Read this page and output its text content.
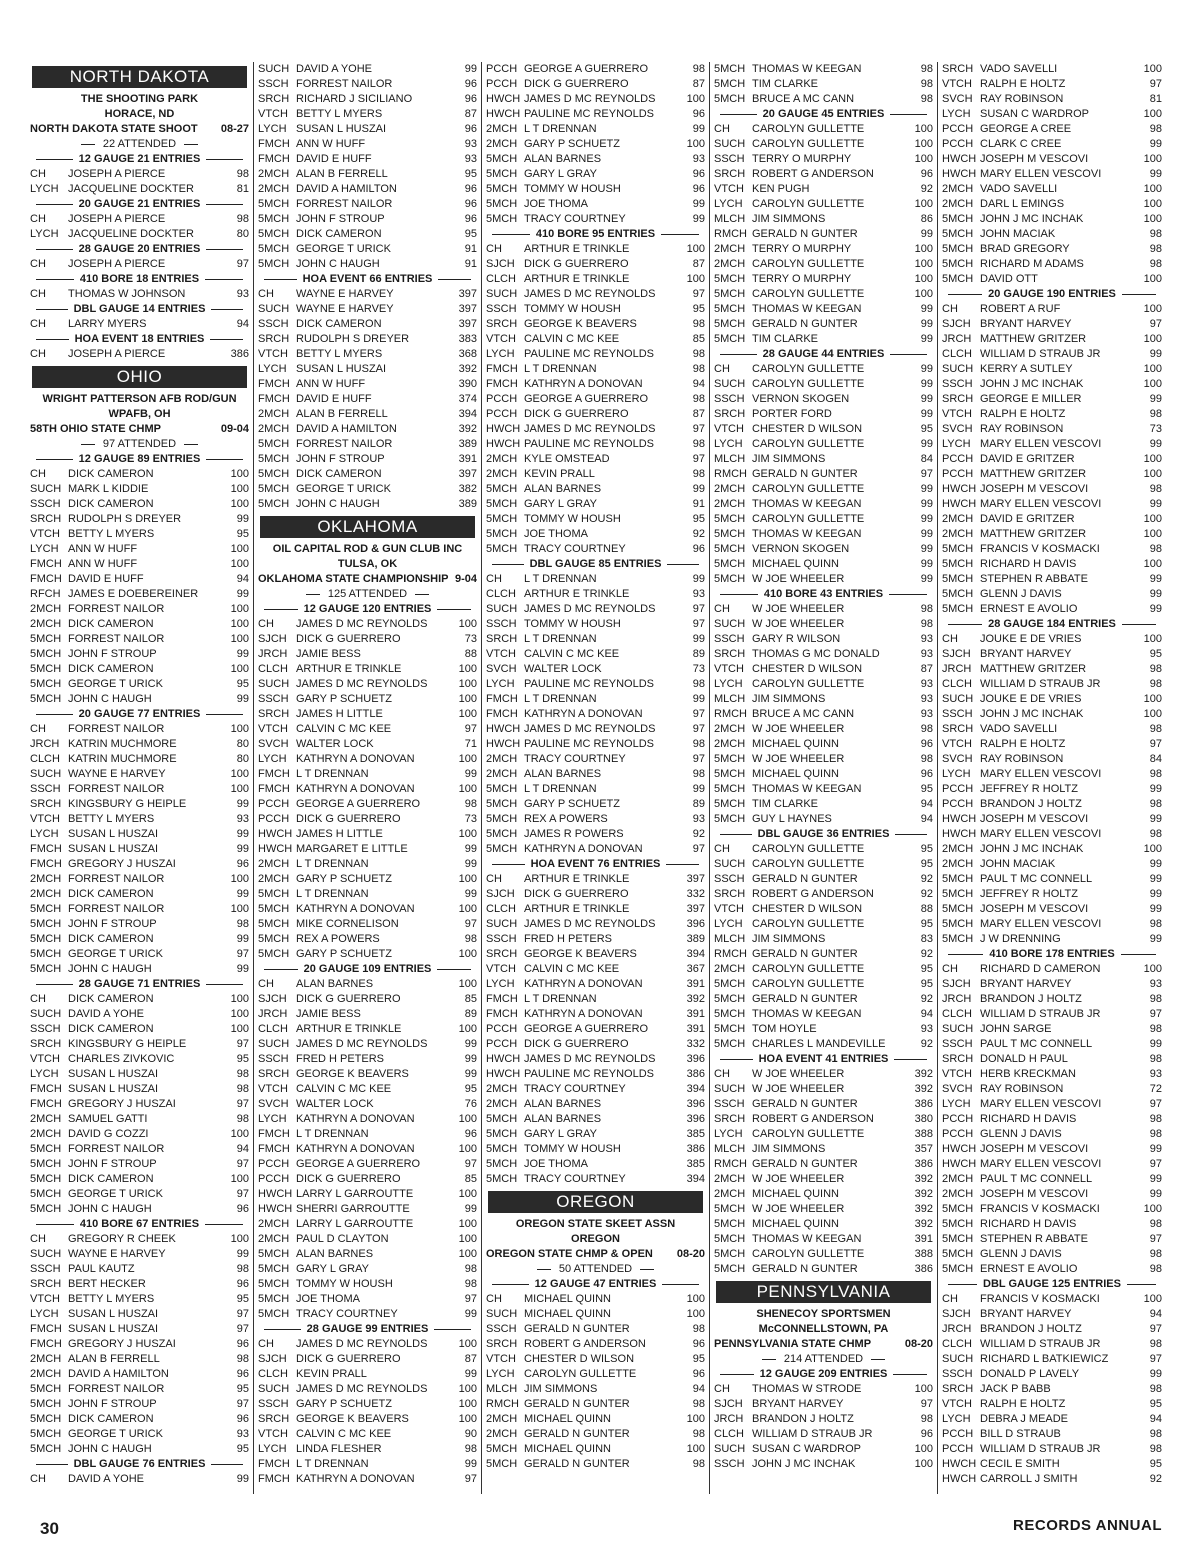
NORTH DAKOTA
THE SHOOTING PARK
HORACE, ND
NORTH DAKOTA STATE SHOOT 08-27
22 ATTENDED
12 GAUGE 21 ENTRIES
CH	JOSEPH A PIERCE	98
LYCH JACQUELINE DOCKTER	81
20 GAUGE 21 ENTRIES
CH	JOSEPH A PIERCE	98
LYCH JACQUELINE DOCKTER	80
28 GAUGE 20 ENTRIES
CH	JOSEPH A PIERCE	97
410 BORE 18 ENTRIES
CH	THOMAS W JOHNSON	93
DBL GAUGE 14 ENTRIES
CH	LARRY MYERS	94
HOA EVENT 18 ENTRIES
CH	JOSEPH A PIERCE	386
OHIO
WRIGHT PATTERSON AFB ROD/GUN
WPAFB, OH
58TH OHIO STATE CHMP	09-04
97 ATTENDED
12 GAUGE 89 ENTRIES
CH	DICK CAMERON	100
SUCH MARK L KIDDIE	100
SSCH DICK CAMERON	100
SRCH RUDOLPH S DREYER	99
VTCH BETTY L MYERS	95
LYCH ANN W HUFF	100
FMCH ANN W HUFF	100
FMCH DAVID E HUFF	94
RFCH JAMES E DOEBEREINER	99
2MCH FORREST NAILOR	100
2MCH DICK CAMERON	100
5MCH FORREST NAILOR	100
5MCH JOHN F STROUP	99
5MCH DICK CAMERON	100
5MCH GEORGE T URICK	95
5MCH JOHN C HAUGH	99
20 GAUGE 77 ENTRIES
CH	FORREST NAILOR	100
JRCH KATRIN MUCHMORE	80
CLCH KATRIN MUCHMORE	80
SUCH WAYNE E HARVEY	100
SSCH FORREST NAILOR	100
SRCH KINGSBURY G HEIPLE	99
VTCH BETTY L MYERS	93
LYCH SUSAN L HUSZAI	99
FMCH SUSAN L HUSZAI	99
FMCH GREGORY J HUSZAI	96
2MCH FORREST NAILOR	100
2MCH DICK CAMERON	99
5MCH FORREST NAILOR	100
5MCH JOHN F STROUP	98
5MCH DICK CAMERON	99
5MCH GEORGE T URICK	97
5MCH JOHN C HAUGH	99
28 GAUGE 71 ENTRIES
CH	DICK CAMERON	100
SUCH DAVID A YOHE	100
SSCH DICK CAMERON	100
SRCH KINGSBURY G HEIPLE	97
VTCH CHARLES ZIVKOVIC	95
LYCH SUSAN L HUSZAI	98
FMCH SUSAN L HUSZAI	98
FMCH GREGORY J HUSZAI	97
2MCH SAMUEL GATTI	98
2MCH DAVID G COZZI	100
5MCH FORREST NAILOR	94
5MCH JOHN F STROUP	97
5MCH DICK CAMERON	100
5MCH GEORGE T URICK	97
5MCH JOHN C HAUGH	96
410 BORE 67 ENTRIES
CH	GREGORY R CHEEK	100
SUCH WAYNE E HARVEY	99
SSCH PAUL KAUTZ	98
SRCH BERT HECKER	96
VTCH BETTY L MYERS	95
LYCH SUSAN L HUSZAI	97
FMCH SUSAN L HUSZAI	97
FMCH GREGORY J HUSZAI	96
2MCH ALAN B FERRELL	98
2MCH DAVID A HAMILTON	96
5MCH FORREST NAILOR	95
5MCH JOHN F STROUP	97
5MCH DICK CAMERON	96
5MCH GEORGE T URICK	93
5MCH JOHN C HAUGH	95
DBL GAUGE 76 ENTRIES
CH	DAVID A YOHE	99
SUCH DAVID A YOHE	99
SSCH FORREST NAILOR	96
SRCH RICHARD J SICILIANO	96
VTCH BETTY L MYERS	87
LYCH SUSAN L HUSZAI	96
FMCH ANN W HUFF	93
FMCH DAVID E HUFF	93
2MCH ALAN B FERRELL	95
2MCH DAVID A HAMILTON	96
5MCH FORREST NAILOR	96
5MCH JOHN F STROUP	96
5MCH DICK CAMERON	95
5MCH GEORGE T URICK	91
5MCH JOHN C HAUGH	91
HOA EVENT 66 ENTRIES
CH	WAYNE E HARVEY	397
SUCH WAYNE E HARVEY	397
SSCH DICK CAMERON	397
SRCH RUDOLPH S DREYER	383
VTCH BETTY L MYERS	368
LYCH SUSAN L HUSZAI	392
FMCH ANN W HUFF	390
FMCH DAVID E HUFF	374
2MCH ALAN B FERRELL	394
2MCH DAVID A HAMILTON	392
5MCH FORREST NAILOR	389
5MCH JOHN F STROUP	391
5MCH DICK CAMERON	397
5MCH GEORGE T URICK	382
5MCH JOHN C HAUGH	389
OKLAHOMA
OIL CAPITAL ROD & GUN CLUB INC
TULSA, OK
OKLAHOMA STATE CHAMPIONSHIP 9-04
125 ATTENDED
12 GAUGE 120 ENTRIES
CH	JAMES D MC REYNOLDS	100
SJCH DICK G GUERRERO	73
JRCH JAMIE BESS	88
CLCH ARTHUR E TRINKLE	100
SUCH JAMES D MC REYNOLDS	100
SSCH GARY P SCHUETZ	100
SRCH JAMES H LITTLE	100
VTCH CALVIN C MC KEE	97
SVCH WALTER LOCK	71
LYCH KATHRYN A DONOVAN	100
FMCH L T DRENNAN	99
FMCH KATHRYN A DONOVAN	100
PCCH GEORGE A GUERRERO	98
PCCH DICK G GUERRERO	73
HWCH JAMES H LITTLE	100
HWCH MARGARET E LITTLE	99
2MCH L T DRENNAN	99
2MCH GARY P SCHUETZ	100
5MCH L T DRENNAN	99
5MCH KATHRYN A DONOVAN	100
5MCH MIKE CORNELISON	97
5MCH REX A POWERS	98
5MCH GARY P SCHUETZ	100
20 GAUGE 109 ENTRIES
CH	ALAN BARNES	100
SJCH DICK G GUERRERO	85
JRCH JAMIE BESS	89
CLCH ARTHUR E TRINKLE	100
SUCH JAMES D MC REYNOLDS	99
SSCH FRED H PETERS	99
SRCH GEORGE K BEAVERS	99
VTCH CALVIN C MC KEE	95
SVCH WALTER LOCK	76
LYCH KATHRYN A DONOVAN	100
FMCH L T DRENNAN	96
FMCH KATHRYN A DONOVAN	100
PCCH GEORGE A GUERRERO	97
PCCH DICK G GUERRERO	85
HWCH LARRY L GARROUTTE	100
HWCH SHERRI GARROUTTE	99
2MCH LARRY L GARROUTTE	100
2MCH PAUL D CLAYTON	100
5MCH ALAN BARNES	100
5MCH GARY L GRAY	98
5MCH TOMMY W HOUSH	98
5MCH JOE THOMA	97
5MCH TRACY COURTNEY	99
28 GAUGE 99 ENTRIES
CH	JAMES D MC REYNOLDS	100
SJCH DICK G GUERRERO	87
CLCH KEVIN PRALL	99
SUCH JAMES D MC REYNOLDS	100
SSCH GARY P SCHUETZ	100
SRCH GEORGE K BEAVERS	100
VTCH CALVIN C MC KEE	90
LYCH LINDA FLESHER	98
FMCH L T DRENNAN	99
FMCH KATHRYN A DONOVAN	97
PCCH GEORGE A GUERRERO	98
PCCH DICK G GUERRERO	87
HWCH JAMES D MC REYNOLDS	100
HWCH PAULINE MC REYNOLDS	96
2MCH L T DRENNAN	99
2MCH GARY P SCHUETZ	100
5MCH ALAN BARNES	93
5MCH GARY L GRAY	96
5MCH TOMMY W HOUSH	96
5MCH JOE THOMA	99
5MCH TRACY COURTNEY	99
410 BORE 95 ENTRIES
CH	ARTHUR E TRINKLE	100
SJCH DICK G GUERRERO	87
CLCH ARTHUR E TRINKLE	100
SUCH JAMES D MC REYNOLDS	97
SSCH TOMMY W HOUSH	95
SRCH GEORGE K BEAVERS	98
VTCH CALVIN C MC KEE	85
LYCH PAULINE MC REYNOLDS	98
FMCH L T DRENNAN	98
FMCH KATHRYN A DONOVAN	94
PCCH GEORGE A GUERRERO	98
PCCH DICK G GUERRERO	87
HWCH JAMES D MC REYNOLDS	97
HWCH PAULINE MC REYNOLDS	98
2MCH KYLE OMSTEAD	97
2MCH KEVIN PRALL	98
5MCH ALAN BARNES	99
5MCH GARY L GRAY	91
5MCH TOMMY W HOUSH	95
5MCH JOE THOMA	92
5MCH TRACY COURTNEY	96
DBL GAUGE 85 ENTRIES
CH	L T DRENNAN	99
CLCH ARTHUR E TRINKLE	93
SUCH JAMES D MC REYNOLDS	97
SSCH TOMMY W HOUSH	97
SRCH L T DRENNAN	99
VTCH CALVIN C MC KEE	89
SVCH WALTER LOCK	73
LYCH PAULINE MC REYNOLDS	98
FMCH L T DRENNAN	99
FMCH KATHRYN A DONOVAN	97
HWCH JAMES D MC REYNOLDS	97
HWCH PAULINE MC REYNOLDS	98
2MCH TRACY COURTNEY	97
2MCH ALAN BARNES	98
5MCH L T DRENNAN	99
5MCH GARY P SCHUETZ	89
5MCH REX A POWERS	93
5MCH JAMES R POWERS	92
5MCH KATHRYN A DONOVAN	97
HOA EVENT 76 ENTRIES
CH	ARTHUR E TRINKLE	397
SJCH DICK G GUERRERO	332
CLCH ARTHUR E TRINKLE	397
SUCH JAMES D MC REYNOLDS	396
SSCH FRED H PETERS	389
SRCH GEORGE K BEAVERS	394
VTCH CALVIN C MC KEE	367
LYCH KATHRYN A DONOVAN	391
FMCH L T DRENNAN	392
FMCH KATHRYN A DONOVAN	391
PCCH GEORGE A GUERRERO	391
PCCH DICK G GUERRERO	332
HWCH JAMES D MC REYNOLDS	396
HWCH PAULINE MC REYNOLDS	386
2MCH TRACY COURTNEY	394
2MCH ALAN BARNES	396
5MCH ALAN BARNES	396
5MCH GARY L GRAY	385
5MCH TOMMY W HOUSH	386
5MCH JOE THOMA	385
5MCH TRACY COURTNEY	394
OREGON
OREGON STATE SKEET ASSN
OREGON
OREGON STATE CHMP & OPEN 08-20
50 ATTENDED
12 GAUGE 47 ENTRIES
CH	MICHAEL QUINN	100
SUCH MICHAEL QUINN	100
SSCH GERALD N GUNTER	98
SRCH ROBERT G ANDERSON	96
VTCH CHESTER D WILSON	95
LYCH CAROLYN GULLETTE	96
MLCH JIM SIMMONS	94
RMCH GERALD N GUNTER	98
2MCH MICHAEL QUINN	100
2MCH GERALD N GUNTER	98
5MCH MICHAEL QUINN	100
5MCH GERALD N GUNTER	98
5MCH THOMAS W KEEGAN	98
5MCH TIM CLARKE	98
5MCH BRUCE A MC CANN	98
20 GAUGE 45 ENTRIES
CH	CAROLYN GULLETTE	100
SUCH CAROLYN GULLETTE	100
SSCH TERRY O MURPHY	100
SRCH ROBERT G ANDERSON	96
VTCH KEN PUGH	92
LYCH CAROLYN GULLETTE	100
MLCH JIM SIMMONS	86
RMCH GERALD N GUNTER	99
2MCH TERRY O MURPHY	100
2MCH CAROLYN GULLETTE	100
5MCH TERRY O MURPHY	100
5MCH CAROLYN GULLETTE	100
5MCH THOMAS W KEEGAN	99
5MCH GERALD N GUNTER	99
5MCH TIM CLARKE	99
28 GAUGE 44 ENTRIES
CH	CAROLYN GULLETTE	99
SUCH CAROLYN GULLETTE	99
SSCH VERNON SKOGEN	99
SRCH PORTER FORD	99
VTCH CHESTER D WILSON	95
LYCH CAROLYN GULLETTE	99
MLCH JIM SIMMONS	84
RMCH GERALD N GUNTER	97
2MCH CAROLYN GULLETTE	99
2MCH THOMAS W KEEGAN	99
5MCH CAROLYN GULLETTE	99
5MCH THOMAS W KEEGAN	99
5MCH VERNON SKOGEN	99
5MCH MICHAEL QUINN	99
5MCH W JOE WHEELER	99
410 BORE 43 ENTRIES
CH	W JOE WHEELER	98
SUCH W JOE WHEELER	98
SSCH GARY R WILSON	93
SRCH THOMAS G MC DONALD	93
VTCH CHESTER D WILSON	87
LYCH CAROLYN GULLETTE	93
MLCH JIM SIMMONS	93
RMCH BRUCE A MC CANN	93
2MCH W JOE WHEELER	98
2MCH MICHAEL QUINN	96
5MCH W JOE WHEELER	98
5MCH MICHAEL QUINN	96
5MCH THOMAS W KEEGAN	95
5MCH TIM CLARKE	94
5MCH GUY L HAYNES	94
DBL GAUGE 36 ENTRIES
CH	CAROLYN GULLETTE	95
SUCH CAROLYN GULLETTE	95
SSCH GERALD N GUNTER	92
SRCH ROBERT G ANDERSON	92
VTCH CHESTER D WILSON	88
LYCH CAROLYN GULLETTE	95
MLCH JIM SIMMONS	83
RMCH GERALD N GUNTER	92
2MCH CAROLYN GULLETTE	95
5MCH CAROLYN GULLETTE	95
5MCH GERALD N GUNTER	92
5MCH THOMAS W KEEGAN	94
5MCH TOM HOYLE	93
5MCH CHARLES L MANDEVILLE	92
HOA EVENT 41 ENTRIES
CH	W JOE WHEELER	392
SUCH W JOE WHEELER	392
SSCH GERALD N GUNTER	386
SRCH ROBERT G ANDERSON	380
LYCH CAROLYN GULLETTE	388
MLCH JIM SIMMONS	357
RMCH GERALD N GUNTER	386
2MCH W JOE WHEELER	392
2MCH MICHAEL QUINN	392
5MCH W JOE WHEELER	392
5MCH MICHAEL QUINN	392
5MCH THOMAS W KEEGAN	391
5MCH CAROLYN GULLETTE	388
5MCH GERALD N GUNTER	386
PENNSYLVANIA
SHENECOY SPORTSMEN
McCONNELLSTOWN, PA
PENNSYLVANIA STATE CHMP	08-20
214 ATTENDED
12 GAUGE 209 ENTRIES
CH	THOMAS W STRODE	100
SJCH BRYANT HARVEY	97
JRCH BRANDON J HOLTZ	98
CLCH WILLIAM D STRAUB JR	96
SUCH SUSAN C WARDROP	100
SSCH JOHN J MC INCHAK	100
SRCH VADO SAVELLI	100
VTCH RALPH E HOLTZ	97
SVCH RAY ROBINSON	81
LYCH SUSAN C WARDROP	100
PCCH GEORGE A CREE	98
PCCH CLARK C CREE	99
HWCH JOSEPH M VESCOVI	100
HWCH MARY ELLEN VESCOVI	99
2MCH VADO SAVELLI	100
2MCH DARL L EMINGS	100
5MCH JOHN J MC INCHAK	100
5MCH JOHN MACIAK	98
5MCH BRAD GREGORY	98
5MCH RICHARD M ADAMS	98
5MCH DAVID OTT	100
20 GAUGE 190 ENTRIES
CH	ROBERT A RUF	100
SJCH BRYANT HARVEY	97
JRCH MATTHEW GRITZER	100
CLCH WILLIAM D STRAUB JR	99
SUCH KERRY A SUTLEY	100
SSCH JOHN J MC INCHAK	100
SRCH GEORGE E MILLER	99
VTCH RALPH E HOLTZ	98
SVCH RAY ROBINSON	73
LYCH MARY ELLEN VESCOVI	99
PCCH DAVID E GRITZER	100
PCCH MATTHEW GRITZER	100
HWCH JOSEPH M VESCOVI	98
HWCH MARY ELLEN VESCOVI	99
2MCH DAVID E GRITZER	100
2MCH MATTHEW GRITZER	100
5MCH FRANCIS V KOSMACKI	98
5MCH RICHARD H DAVIS	100
5MCH STEPHEN R ABBATE	99
5MCH GLENN J DAVIS	99
5MCH ERNEST E AVOLIO	99
28 GAUGE 184 ENTRIES
CH	JOUKE E DE VRIES	100
SJCH BRYANT HARVEY	95
JRCH MATTHEW GRITZER	98
CLCH WILLIAM D STRAUB JR	98
SUCH JOUKE E DE VRIES	100
SSCH JOHN J MC INCHAK	100
SRCH VADO SAVELLI	98
VTCH RALPH E HOLTZ	97
SVCH RAY ROBINSON	84
LYCH MARY ELLEN VESCOVI	98
PCCH JEFFREY R HOLTZ	99
PCCH BRANDON J HOLTZ	98
HWCH JOSEPH M VESCOVI	99
HWCH MARY ELLEN VESCOVI	98
2MCH JOHN J MC INCHAK	100
2MCH JOHN MACIAK	99
5MCH PAUL T MC CONNELL	99
5MCH JEFFREY R HOLTZ	99
5MCH JOSEPH M VESCOVI	99
5MCH MARY ELLEN VESCOVI	98
5MCH J W DRENNING	99
410 BORE 178 ENTRIES
CH	RICHARD D CAMERON	100
SJCH BRYANT HARVEY	93
JRCH BRANDON J HOLTZ	98
CLCH WILLIAM D STRAUB JR	97
SUCH JOHN SARGE	98
SSCH PAUL T MC CONNELL	99
SRCH DONALD H PAUL	98
VTCH HERB KRECKMAN	93
SVCH RAY ROBINSON	72
LYCH MARY ELLEN VESCOVI	97
PCCH RICHARD H DAVIS	98
PCCH GLENN J DAVIS	98
HWCH JOSEPH M VESCOVI	99
HWCH MARY ELLEN VESCOVI	97
2MCH PAUL T MC CONNELL	99
2MCH JOSEPH M VESCOVI	99
5MCH FRANCIS V KOSMACKI	100
5MCH RICHARD H DAVIS	98
5MCH STEPHEN R ABBATE	97
5MCH GLENN J DAVIS	98
5MCH ERNEST E AVOLIO	98
DBL GAUGE 125 ENTRIES
CH	FRANCIS V KOSMACKI	100
SJCH BRYANT HARVEY	94
JRCH BRANDON J HOLTZ	97
CLCH WILLIAM D STRAUB JR	98
SUCH RICHARD L BATKIEWICZ	97
SSCH DONALD P LAVELY	99
SRCH JACK P BABB	98
VTCH RALPH E HOLTZ	95
LYCH DEBRA J MEADE	94
PCCH BILL D STRAUB	98
PCCH WILLIAM D STRAUB JR	98
HWCH CECIL E SMITH	95
HWCH CARROLL J SMITH	92
30	RECORDS ANNUAL
